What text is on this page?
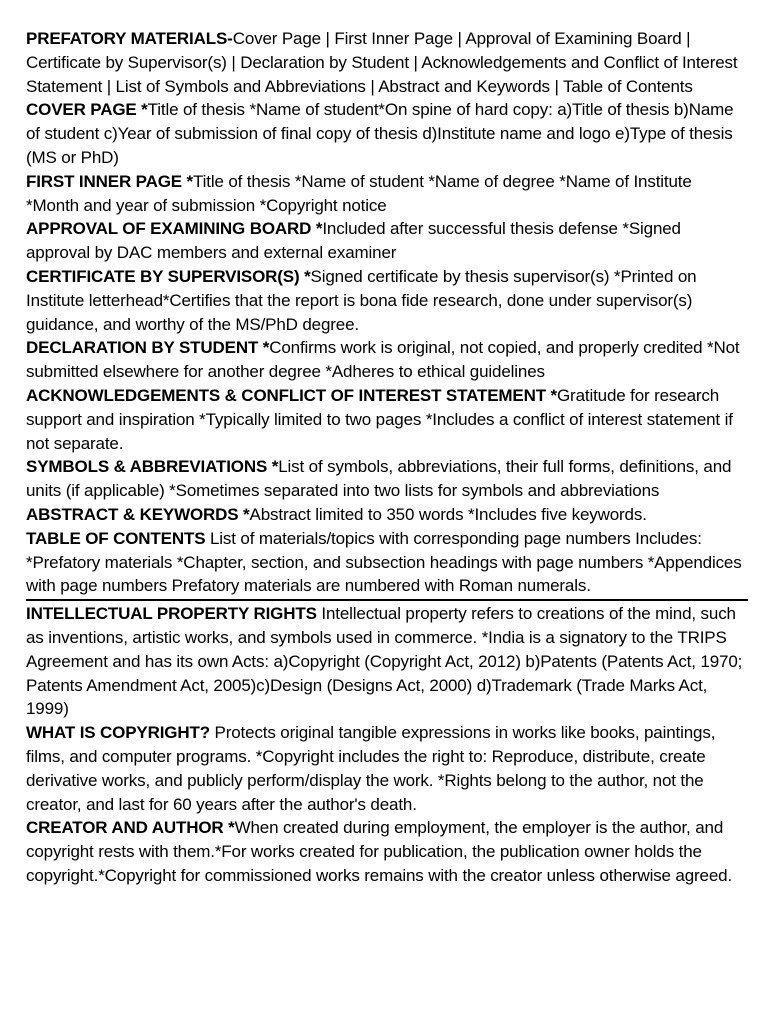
PREFATORY MATERIALS-Cover Page | First Inner Page | Approval of Examining Board | Certificate by Supervisor(s) | Declaration by Student | Acknowledgements and Conflict of Interest Statement | List of Symbols and Abbreviations | Abstract and Keywords | Table of Contents

COVER PAGE *Title of thesis *Name of student*On spine of hard copy: a)Title of thesis b)Name of student c)Year of submission of final copy of thesis d)Institute name and logo e)Type of thesis (MS or PhD)

FIRST INNER PAGE *Title of thesis *Name of student *Name of degree *Name of Institute *Month and year of submission *Copyright notice

APPROVAL OF EXAMINING BOARD *Included after successful thesis defense *Signed approval by DAC members and external examiner

CERTIFICATE BY SUPERVISOR(S) *Signed certificate by thesis supervisor(s) *Printed on Institute letterhead*Certifies that the report is bona fide research, done under supervisor(s) guidance, and worthy of the MS/PhD degree.

DECLARATION BY STUDENT *Confirms work is original, not copied, and properly credited *Not submitted elsewhere for another degree *Adheres to ethical guidelines

ACKNOWLEDGEMENTS & CONFLICT OF INTEREST STATEMENT *Gratitude for research support and inspiration *Typically limited to two pages *Includes a conflict of interest statement if not separate.

SYMBOLS & ABBREVIATIONS *List of symbols, abbreviations, their full forms, definitions, and units (if applicable) *Sometimes separated into two lists for symbols and abbreviations

ABSTRACT & KEYWORDS *Abstract limited to 350 words *Includes five keywords.

TABLE OF CONTENTS List of materials/topics with corresponding page numbers Includes: *Prefatory materials *Chapter, section, and subsection headings with page numbers *Appendices with page numbers Prefatory materials are numbered with Roman numerals.

INTELLECTUAL PROPERTY RIGHTS Intellectual property refers to creations of the mind, such as inventions, artistic works, and symbols used in commerce. *India is a signatory to the TRIPS Agreement and has its own Acts: a)Copyright (Copyright Act, 2012) b)Patents (Patents Act, 1970; Patents Amendment Act, 2005)c)Design (Designs Act, 2000) d)Trademark (Trade Marks Act, 1999)

WHAT IS COPYRIGHT? Protects original tangible expressions in works like books, paintings, films, and computer programs. *Copyright includes the right to: Reproduce, distribute, create derivative works, and publicly perform/display the work. *Rights belong to the author, not the creator, and last for 60 years after the author's death.

CREATOR AND AUTHOR *When created during employment, the employer is the author, and copyright rests with them.*For works created for publication, the publication owner holds the copyright.*Copyright for commissioned works remains with the creator unless otherwise agreed.
